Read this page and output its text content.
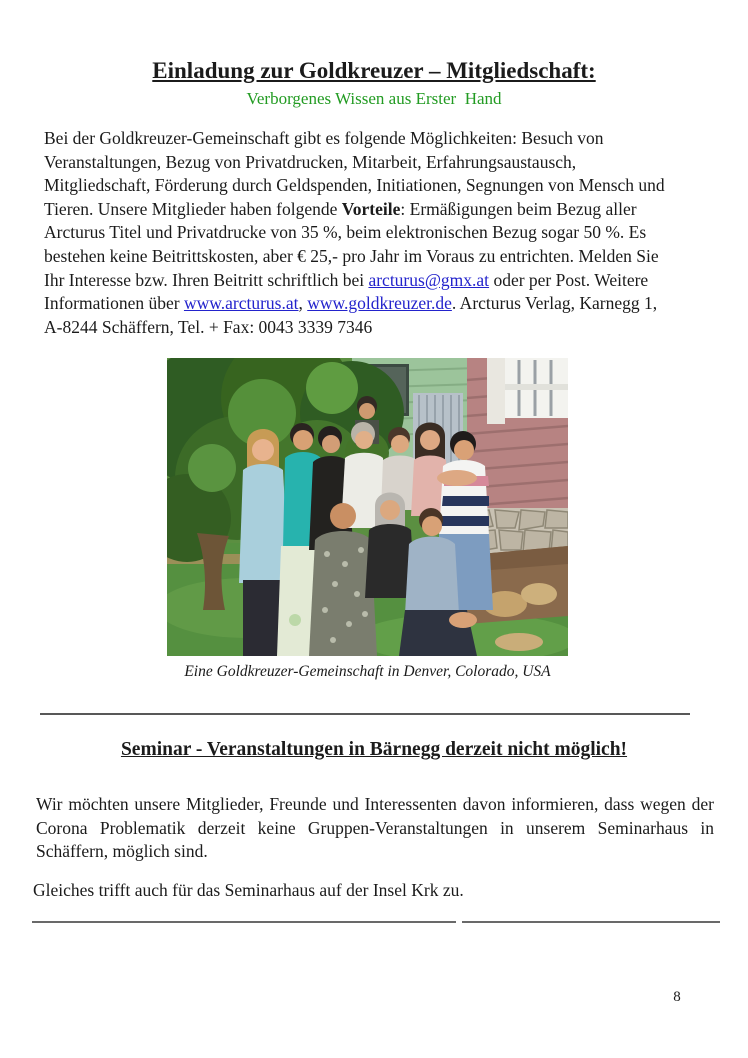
Einladung zur Goldkreuzer – Mitgliedschaft:
Verborgenes Wissen aus Erster  Hand

Bei der Goldkreuzer-Gemeinschaft gibt es folgende Möglichkeiten: Besuch von Veranstaltungen, Bezug von Privatdrucken, Mitarbeit, Erfahrungsaustausch, Mitgliedschaft, Förderung durch Geldspenden, Initiationen, Segnungen von Mensch und Tieren. Unsere Mitglieder haben folgende Vorteile: Ermäßigungen beim Bezug aller Arcturus Titel und Privatdrucke von 35 %, beim elektronischen Bezug sogar 50 %. Es bestehen keine Beitrittskosten, aber € 25,- pro Jahr im Voraus zu entrichten. Melden Sie Ihr Interesse bzw. Ihren Beitritt schriftlich bei arcturus@gmx.at oder per Post. Weitere Informationen über www.arcturus.at, www.goldkreuzer.de. Arcturus Verlag, Karnegg 1, A-8244 Schäffern, Tel. + Fax: 0043 3339 7346

Eine Goldkreuzer-Gemeinschaft in Denver, Colorado, USA
Seminar - Veranstaltungen in Bärnegg derzeit nicht möglich!

Wir möchten unsere Mitglieder, Freunde und Interessenten davon informieren, dass wegen der Corona Problematik derzeit keine Gruppen-Veranstaltungen in unserem Seminarhaus in Schäffern, möglich sind.

Gleiches trifft auch für das Seminarhaus auf der Insel Krk zu.

8
